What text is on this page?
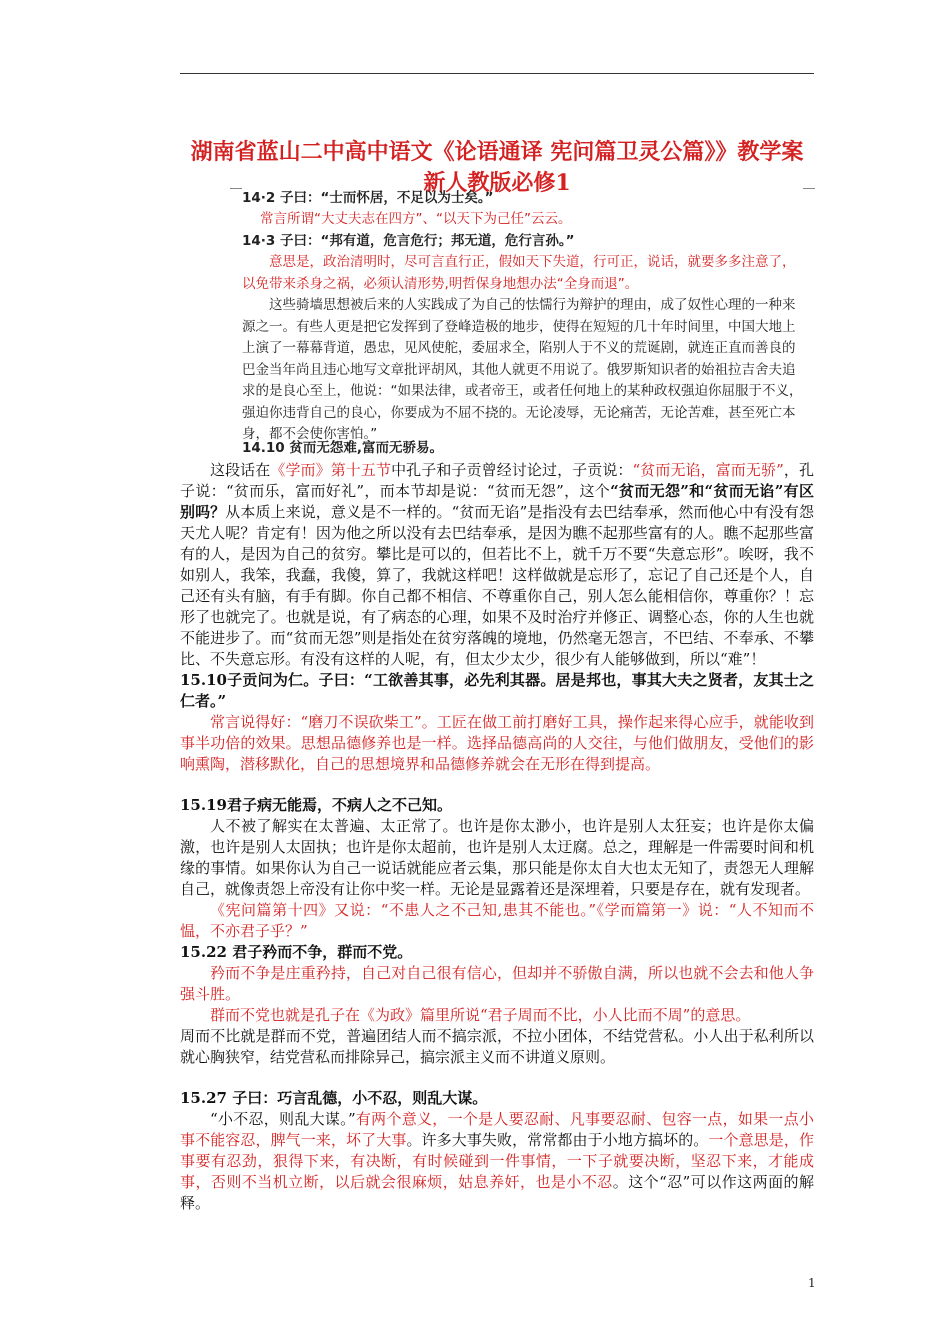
湖南省蓝山二中高中语文《论语通译 宪问篇卫灵公篇》》教学案 新人教版必修1

14·2 子曰：“士而怀居，不足以为士矣。”

常言所谓“大丈夫志在四方”、“以天下为己任”云云。

14·3 子曰：“邦有道，危言危行；邦无道，危行言孙。”

意思是，政治清明时，尽可言直行正，假如天下失道，行可正，说话，就要多多注意了，以免带来杀身之祸，必须认清形势,明哲保身地想办法“全身而退”。

这些骑墙思想被后来的人实践成了为自己的怯懦行为辩护的理由，成了奴性心理的一种来源之一。有些人更是把它发挥到了登峰造极的地步，使得在短短的几十年时间里，中国大地上上演了一幕幕背道，愚忠，见风使舵，委屈求全，陷别人于不义的荒诞剧，就连正直而善良的巴金当年尚且违心地写文章批评胡风，其他人就更不用说了。俄罗斯知识者的始祖拉吉舍夫追求的是良心至上，他说：“如果法律，或者帝王，或者任何地上的某种政权强迫你屈服于不义，强迫你违背自己的良心，你要成为不屈不挠的。无论凌辱，无论痛苦，无论苦难，甚至死亡本身，都不会使你害怕。”

14.10 贫而无怨难,富而无骄易。

这段话在《学而》第十五节中孔子和子贡曾经讨论过，子贡说：“贫而无谄，富而无骄”，孔子说：“贫而乐，富而好礼”，而本节却是说：“贫而无怨”，这个“贫而无怨”和“贫而无谄”有区别吗？从本质上来说，意义是不一样的。“贫而无谄”是指没有去巴结奉承，然而他心中有没有怨天尤人呢？肯定有！因为他之所以没有去巴结奉承，是因为瞧不起那些富有的人。瞧不起那些富有的人，是因为自己的贫穷。攀比是可以的，但若比不上，就千万不要“失意忘形”。唉呀，我不如别人，我笨，我蠢，我傻，算了，我就这样吧！这样做就是忘形了，忘记了自己还是个人，自己还有头有脑，有手有脚。你自己都不相信、不尊重你自己，别人怎么能相信你，尊重你？！忘形了也就完了。也就是说，有了病态的心理，如果不及时治疗并修正、调整心态，你的人生也就不能进步了。而“贫而无怨”则是指处在贫穷落魄的境地，仍然毫无怨言，不巴结、不奉承、不攀比、不失意忘形。有没有这样的人呢，有，但太少太少，很少有人能够做到，所以“难”！

15.10子贡问为仁。子曰：“工欲善其事，必先利其器。居是邦也，事其大夫之贤者，友其士之仁者。”

常言说得好：“磨刀不误砍柴工”。工匠在做工前打磨好工具，操作起来得心应手，就能收到事半功倍的效果。思想品德修养也是一样。选择品德高尚的人交往，与他们做朋友，受他们的影响熏陶，潜移默化，自己的思想境界和品德修养就会在无形在得到提高。

15.19君子病无能焉，不病人之不己知。

人不被了解实在太普遍、太正常了。也许是你太渺小，也许是别人太狂妄；也许是你太偏激，也许是别人太固执；也许是你太超前，也许是别人太迂腐。总之，理解是一件需要时间和机缘的事情。如果你认为自己一说话就能应者云集，那只能是你太自大也太无知了，责怨无人理解自己，就像责怨上帝没有让你中奖一样。无论是显露着还是深埋着，只要是存在，就有发现者。

《宪问篇第十四》又说：“不患人之不己知,患其不能也。”《学而篇第一》说：“人不知而不愠，不亦君子乎？”

15.22 君子矜而不争，群而不党。

矜而不争是庄重矜持，自己对自己很有信心，但却并不骄傲自满，所以也就不会去和他人争强斗胜。

群而不党也就是孔子在《为政》篇里所说“君子周而不比，小人比而不周”的意思。

周而不比就是群而不党，普遍团结人而不搞宗派，不拉小团体，不结党营私。小人出于私利所以就心胸狭窄，结党营私而排除异己，搞宗派主义而不讲道义原则。

15.27 子曰：巧言乱德，小不忍，则乱大谋。

“小不忍，则乱大谋。”有两个意义，一个是人要忍耐、凡事要忍耐、包容一点，如果一点小事不能容忍，脾气一来，坏了大事。许多大事失败，常常都由于小地方搞坏的。一个意思是，作事要有忍劲，狠得下来，有决断，有时候碰到一件事情，一下子就要决断，坚忍下来，才能成事，否则不当机立断，以后就会很麻烦，姑息养奸，也是小不忍。这个“忍”可以作这两面的解释。

1
